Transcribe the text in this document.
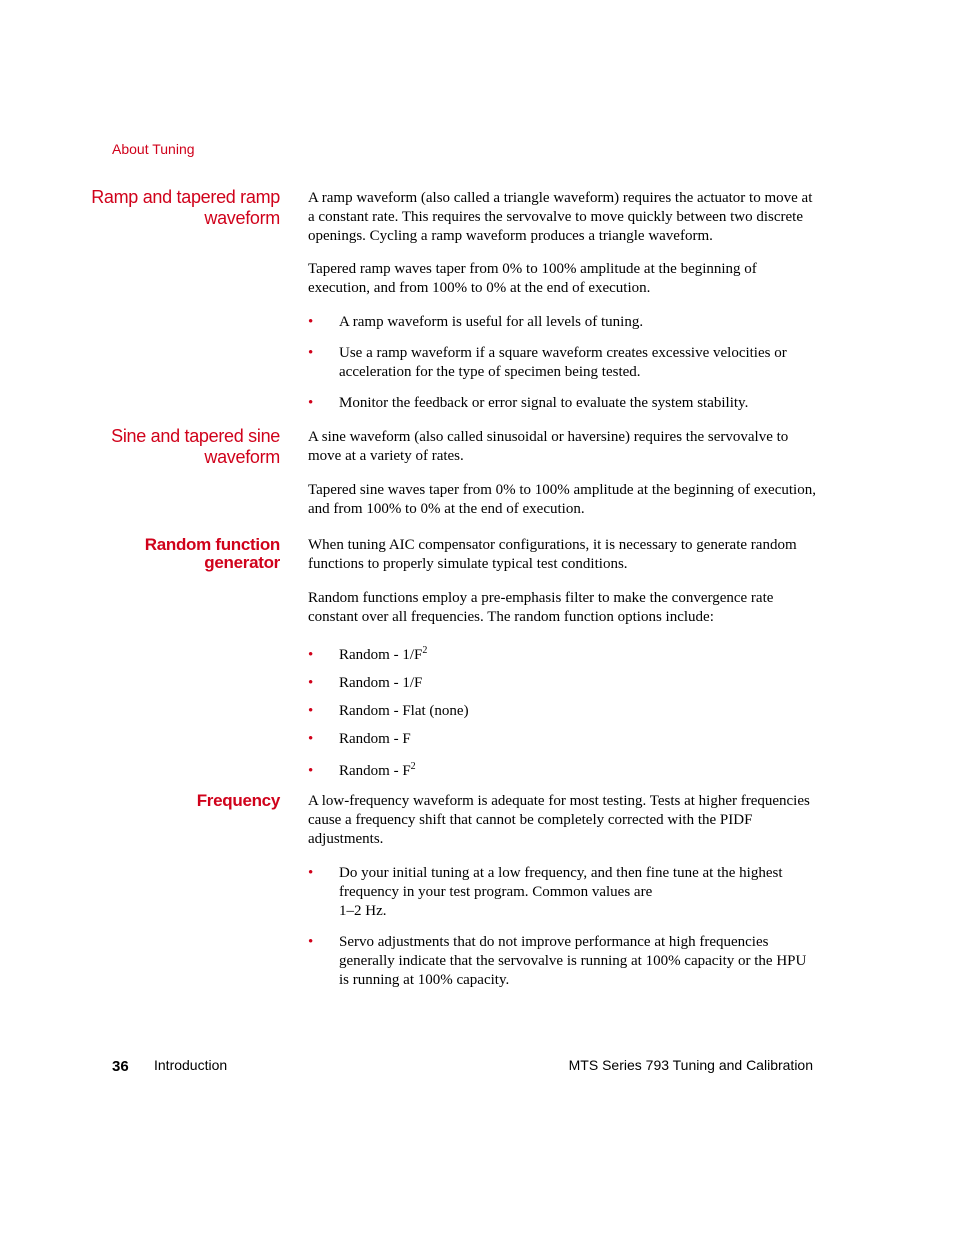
About Tuning
Ramp and tapered ramp
waveform

A ramp waveform (also called a triangle waveform) requires the actuator to move at a constant rate. This requires the servovalve to move quickly between two discrete openings. Cycling a ramp waveform produces a triangle waveform.

Tapered ramp waves taper from 0% to 100% amplitude at the beginning of execution, and from 100% to 0% at the end of execution.

• A ramp waveform is useful for all levels of tuning.
• Use a ramp waveform if a square waveform creates excessive velocities or acceleration for the type of specimen being tested.
• Monitor the feedback or error signal to evaluate the system stability.
Sine and tapered sine
waveform

A sine waveform (also called sinusoidal or haversine) requires the servovalve to move at a variety of rates.

Tapered sine waves taper from 0% to 100% amplitude at the beginning of execution, and from 100% to 0% at the end of execution.

Random function
generator

When tuning AIC compensator configurations, it is necessary to generate random functions to properly simulate typical test conditions.

Random functions employ a pre-emphasis filter to make the convergence rate constant over all frequencies. The random function options include:

• Random - $1/F^2$
• Random - 1/F
• Random - Flat (none)
• Random - F
• Random - $F^2$
Frequency A low-frequency waveform is adequate for most testing. Tests at higher frequencies cause a frequency shift that cannot be completely corrected with the PIDF adjustments.

• Do your initial tuning at a low frequency, and then fine tune at the highest frequency in your test program. Common values are
1–2 Hz.
• Servo adjustments that do not improve performance at high frequencies generally indicate that the servovalve is running at 100% capacity or the HPU is running at 100% capacity.
36 Introduction	MTS Series 793 Tuning and Calibration
